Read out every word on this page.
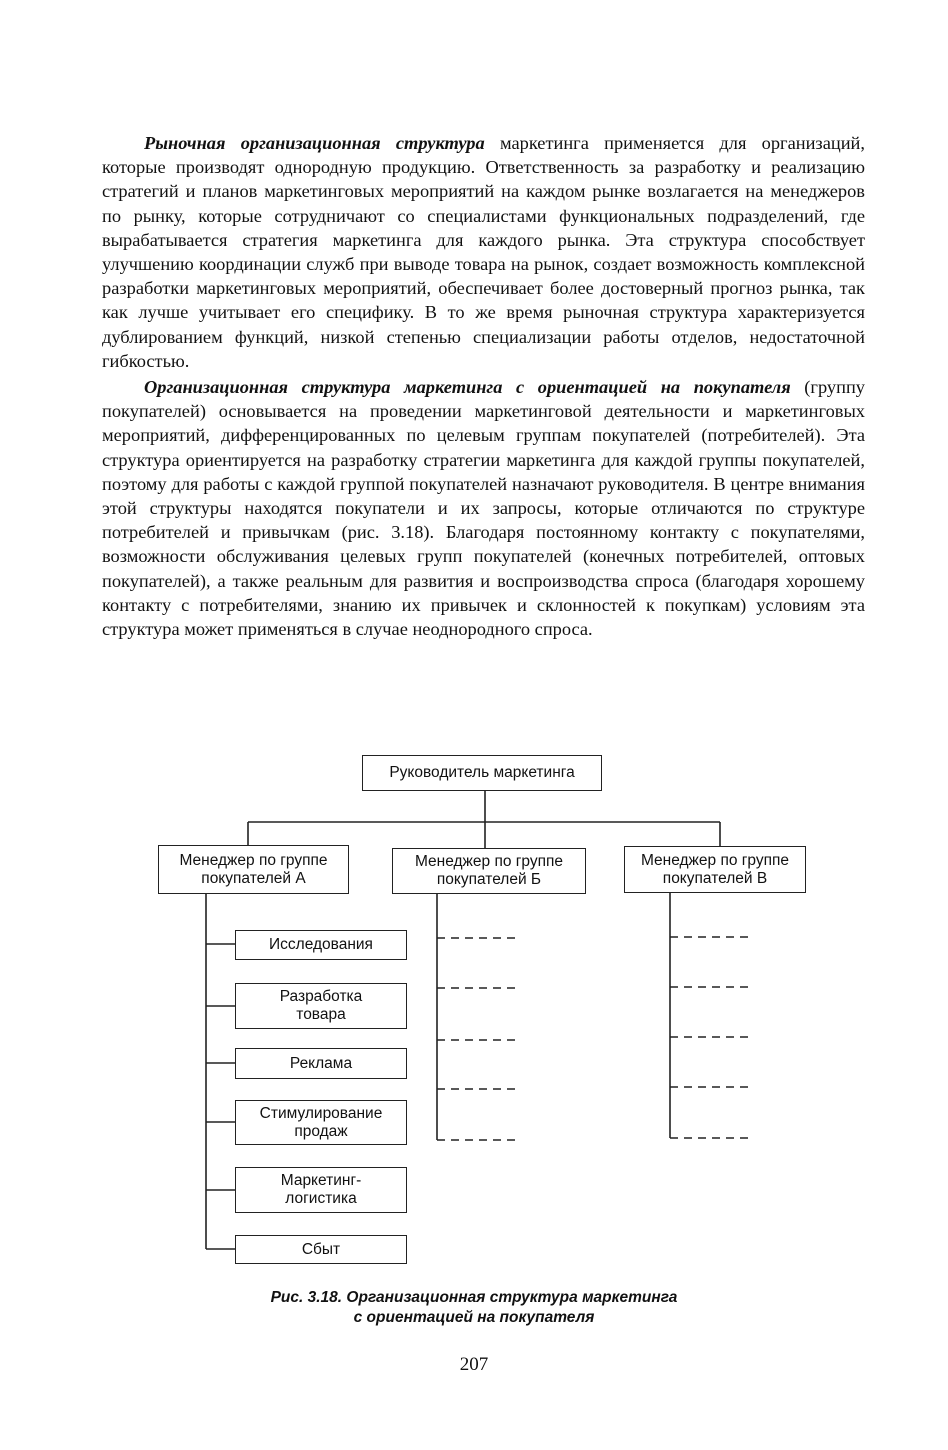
Рыночная организационная структура маркетинга применяется для организаций, которые производят однородную продукцию. Ответственность за разработку и реализацию стратегий и планов маркетинговых мероприятий на каждом рынке возлагается на менеджеров по рынку, которые сотрудничают со специалистами функциональных подразделений, где вырабатывается стратегия маркетинга для каждого рынка. Эта структура способствует улучшению координации служб при выводе товара на рынок, создает возможность комплексной разработки маркетинговых мероприятий, обеспечивает более достоверный прогноз рынка, так как лучше учитывает его специфику. В то же время рыночная структура характеризуется дублированием функций, низкой степенью специализации работы отделов, недостаточной гибкостью.

Организационная структура маркетинга с ориентацией на покупателя (группу покупателей) основывается на проведении маркетинговой деятельности и маркетинговых мероприятий, дифференцированных по целевым группам покупателей (потребителей). Эта структура ориентируется на разработку стратегии маркетинга для каждой группы покупателей, поэтому для работы с каждой группой покупателей назначают руководителя. В центре внимания этой структуры находятся покупатели и их запросы, которые отличаются по структуре потребителей и привычкам (рис. 3.18). Благодаря постоянному контакту с покупателями, возможности обслуживания целевых групп покупателей (конечных потребителей, оптовых покупателей), а также реальным для развития и воспроизводства спроса (благодаря хорошему контакту с потребителями, знанию их привычек и склонностей к покупкам) условиям эта структура может применяться в случае неоднородного спроса.

Руководитель маркетинга
Менеджер по группе
покупателей А
Менеджер по группе
покупателей Б
Менеджер по группе
покупателей В
Исследования
Разработка
товара
Реклама
Стимулирование
продаж
Маркетинг-
логистика
Сбыт
Рис. 3.18. Организационная структура маркетинга
с ориентацией на покупателя
207
